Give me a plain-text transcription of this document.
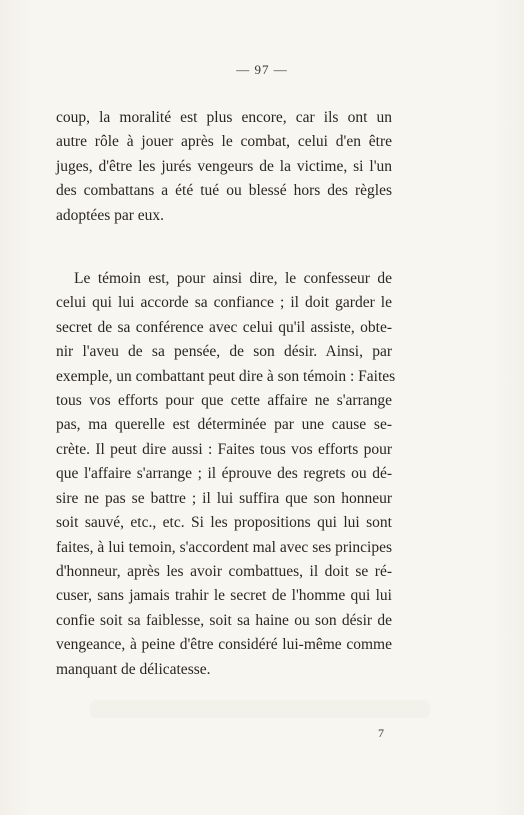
— 97 —

coup, la moralité est plus encore, car ils ont un
autre rôle à jouer après le combat, celui d'en être
juges, d'être les jurés vengeurs de la victime, si l'un
des combattans a été tué ou blessé hors des règles
adoptées par eux.

Le témoin est, pour ainsi dire, le confesseur de
celui qui lui accorde sa confiance ; il doit garder le
secret de sa conférence avec celui qu'il assiste, obte-
nir l'aveu de sa pensée, de son désir. Ainsi, par
exemple, un combattant peut dire à son témoin : Faites
tous vos efforts pour que cette affaire ne s'arrange
pas, ma querelle est déterminée par une cause se-
crète. Il peut dire aussi : Faites tous vos efforts pour
que l'affaire s'arrange ; il éprouve des regrets ou dé-
sire ne pas se battre ; il lui suffira que son honneur
soit sauvé, etc., etc. Si les propositions qui lui sont
faites, à lui temoin, s'accordent mal avec ses principes
d'honneur, après les avoir combattues, il doit se ré-
cuser, sans jamais trahir le secret de l'homme qui lui
confie soit sa faiblesse, soit sa haine ou son désir de
vengeance, à peine d'être considéré lui-même comme
manquant de délicatesse.

7
